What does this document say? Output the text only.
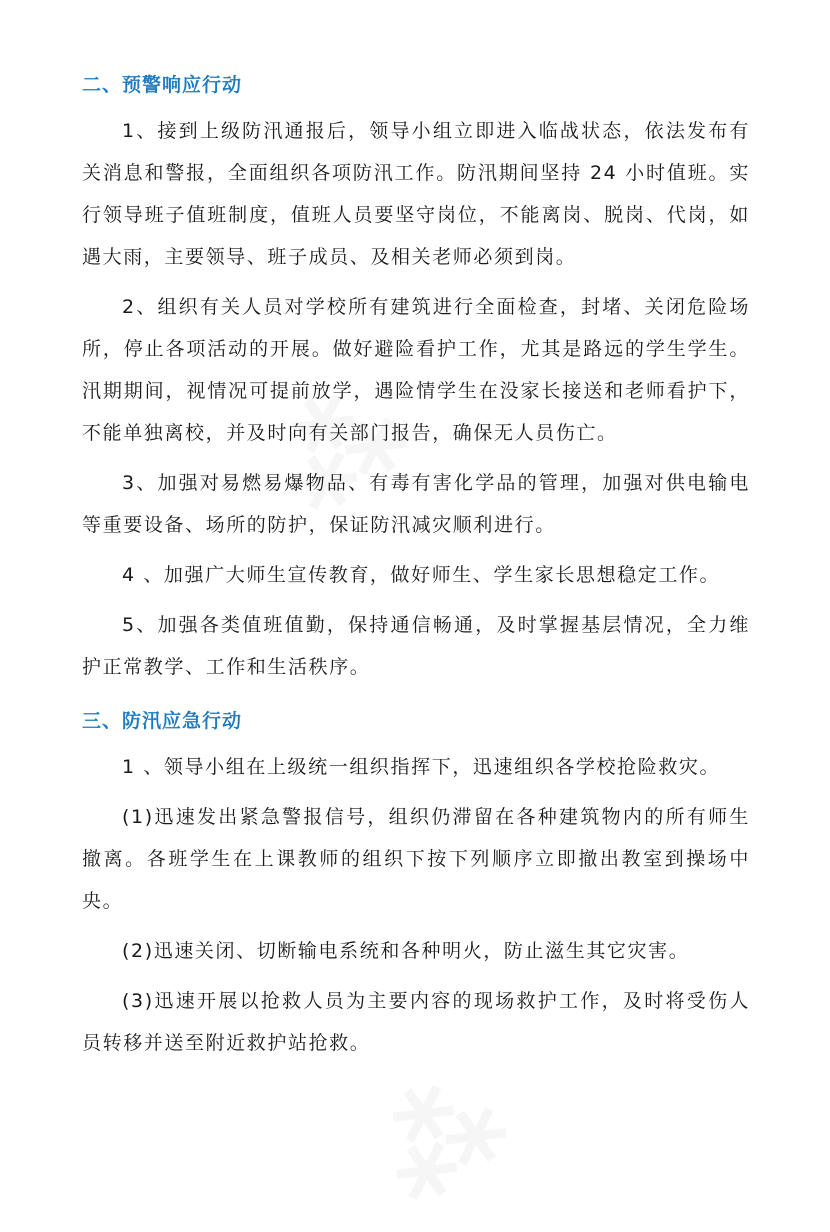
二、预警响应行动

1、接到上级防汛通报后，领导小组立即进入临战状态，依法发布有关消息和警报，全面组织各项防汛工作。防汛期间坚持 24 小时值班。实行领导班子值班制度，值班人员要坚守岗位，不能离岗、脱岗、代岗，如遇大雨，主要领导、班子成员、及相关老师必须到岗。

2、组织有关人员对学校所有建筑进行全面检查，封堵、关闭危险场所，停止各项活动的开展。做好避险看护工作，尤其是路远的学生学生。汛期期间，视情况可提前放学，遇险情学生在没家长接送和老师看护下，不能单独离校，并及时向有关部门报告，确保无人员伤亡。

3、加强对易燃易爆物品、有毒有害化学品的管理，加强对供电输电等重要设备、场所的防护，保证防汛减灾顺利进行。

4 、加强广大师生宣传教育，做好师生、学生家长思想稳定工作。

5、加强各类值班值勤，保持通信畅通，及时掌握基层情况，全力维护正常教学、工作和生活秩序。

三、防汛应急行动

1 、领导小组在上级统一组织指挥下，迅速组织各学校抢险救灾。

(1)迅速发出紧急警报信号，组织仍滞留在各种建筑物内的所有师生撤离。各班学生在上课教师的组织下按下列顺序立即撤出教室到操场中央。

(2)迅速关闭、切断输电系统和各种明火，防止滋生其它灾害。

(3)迅速开展以抢救人员为主要内容的现场救护工作，及时将受伤人员转移并送至附近救护站抢救。
